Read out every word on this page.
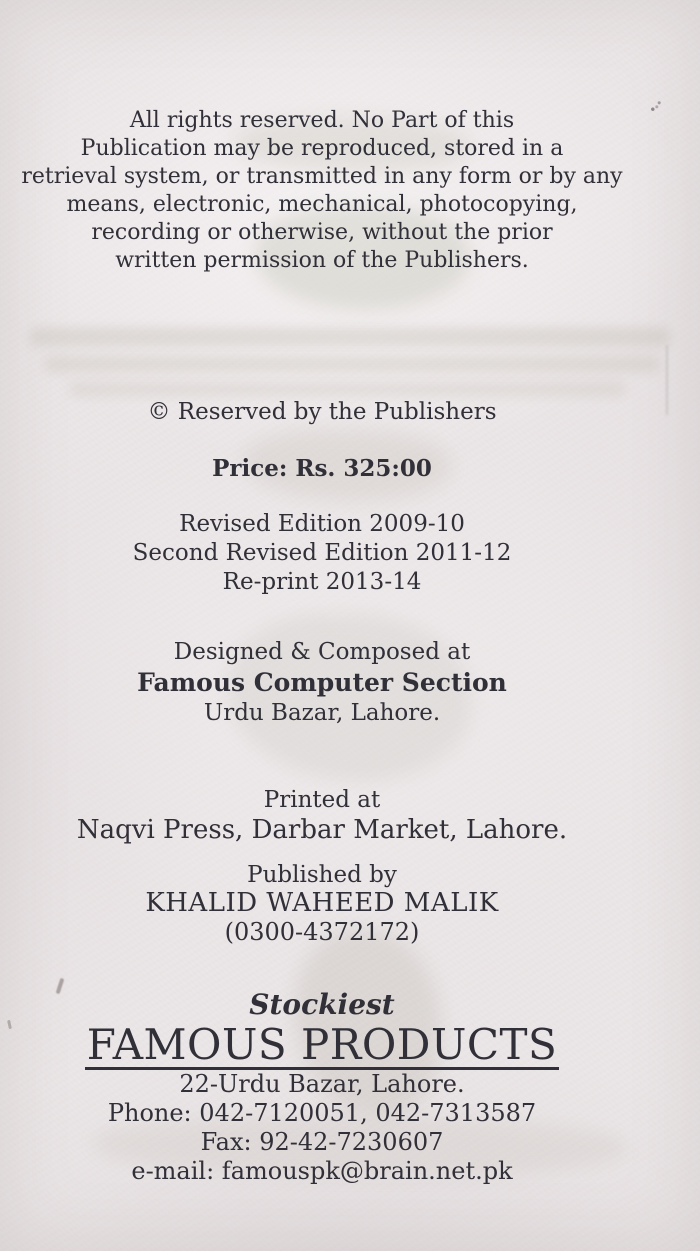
All rights reserved. No Part of this
Publication may be reproduced, stored in a
retrieval system, or transmitted in any form or by any
means, electronic, mechanical, photocopying,
recording or otherwise, without the prior
written permission of the Publishers.
© Reserved by the Publishers
Price: Rs. 325:00
Revised Edition 2009-10
Second Revised Edition 2011-12
Re-print 2013-14
Designed & Composed at
Famous Computer Section
Urdu Bazar, Lahore.
Printed at
Naqvi Press, Darbar Market, Lahore.
Published by
KHALID WAHEED MALIK
(0300-4372172)
Stockiest
FAMOUS PRODUCTS
22-Urdu Bazar, Lahore.
Phone: 042-7120051, 042-7313587
Fax: 92-42-7230607
e-mail: famouspk@brain.net.pk
